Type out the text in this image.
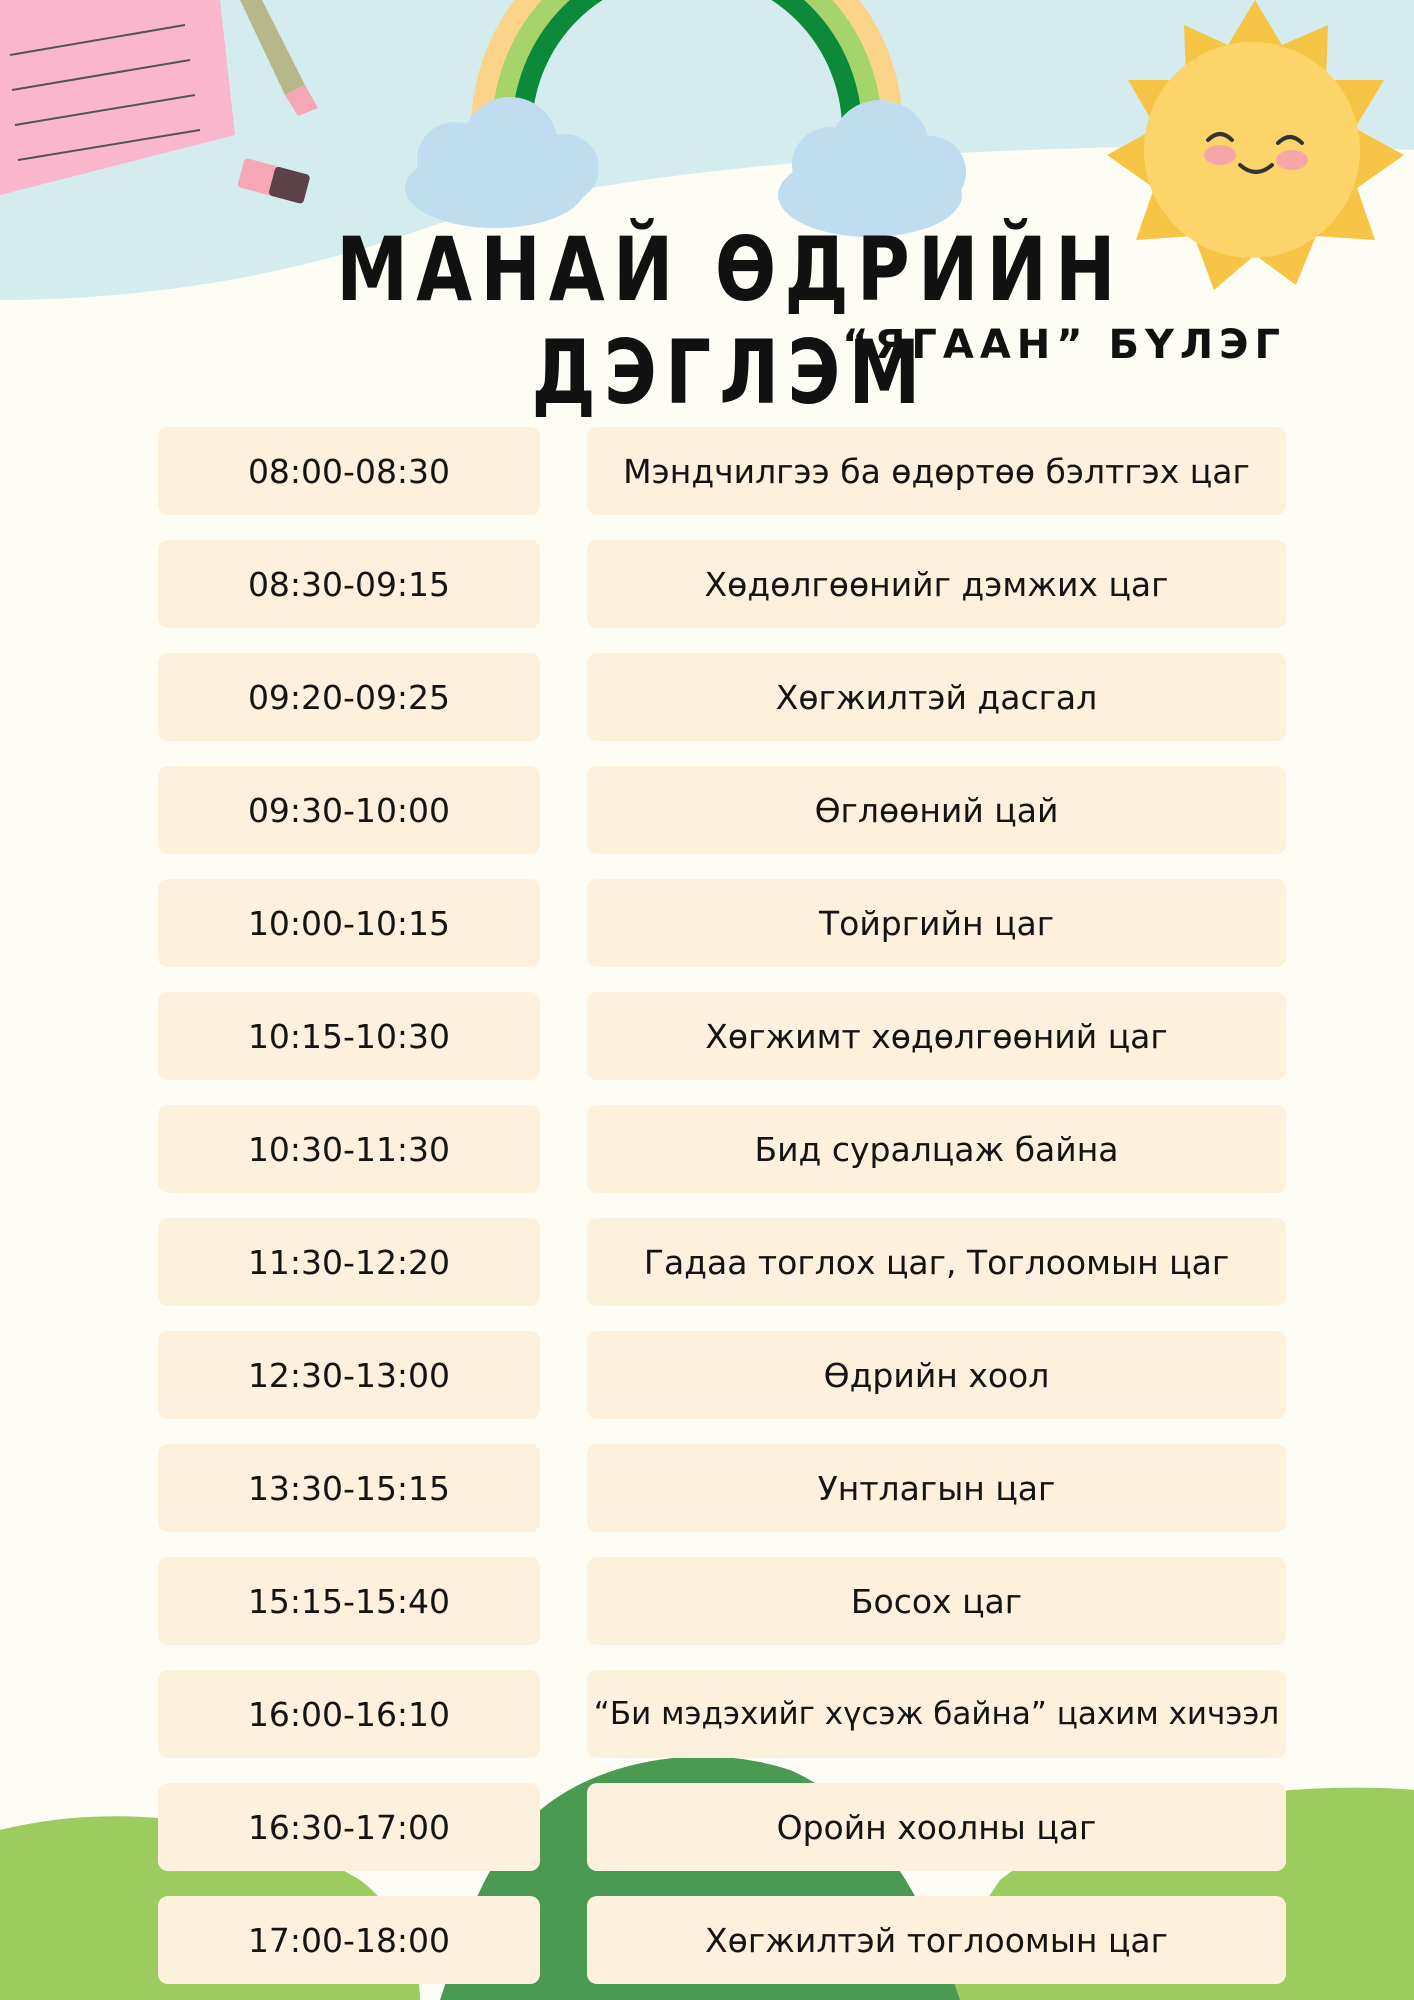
МАНАЙ ӨДРИЙН ДЭГЛЭМ
“ЯГААН” БҮЛЭГ
08:00-08:30	Мэндчилгээ ба өдөртөө бэлтгэх цаг
08:30-09:15	Хөдөлгөөнийг дэмжих цаг
09:20-09:25	Хөгжилтэй дасгал
09:30-10:00	Өглөөний цай
10:00-10:15	Тойргийн цаг
10:15-10:30	Хөгжимт хөдөлгөөний цаг
10:30-11:30	Бид суралцаж байна
11:30-12:20	Гадаа тоглох цаг, Тоглоомын цаг
12:30-13:00	Өдрийн хоол
13:30-15:15	Унтлагын цаг
15:15-15:40	Босох цаг
16:00-16:10	“Би мэдэхийг хүсэж байна” цахим хичээл
16:30-17:00	Оройн хоолны цаг
17:00-18:00	Хөгжилтэй тоглоомын цаг
